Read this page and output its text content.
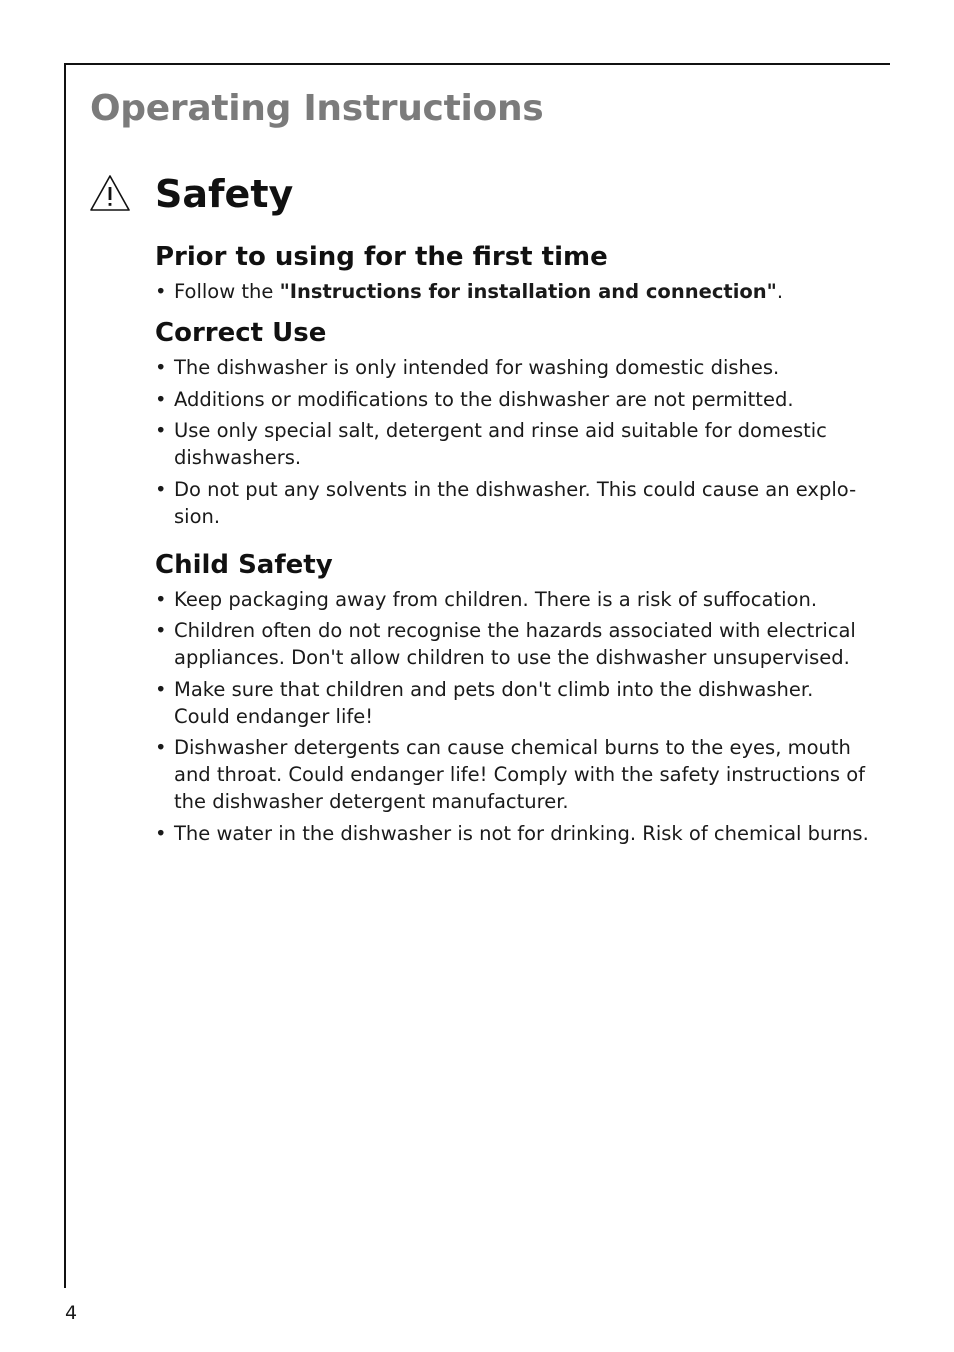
Operating Instructions
Safety
Prior to using for the first time
• Follow the "Instructions for installation and connection".
Correct Use
• The dishwasher is only intended for washing domestic dishes.
• Additions or modifications to the dishwasher are not permitted.
• Use only special salt, detergent and rinse aid suitable for domestic dishwashers.
• Do not put any solvents in the dishwasher. This could cause an explo-sion.
Child Safety
• Keep packaging away from children. There is a risk of suffocation.
• Children often do not recognise the hazards associated with electrical appliances. Don't allow children to use the dishwasher unsupervised.
• Make sure that children and pets don't climb into the dishwasher. Could endanger life!
• Dishwasher detergents can cause chemical burns to the eyes, mouth and throat. Could endanger life! Comply with the safety instructions of the dishwasher detergent manufacturer.
• The water in the dishwasher is not for drinking. Risk of chemical burns.
4
